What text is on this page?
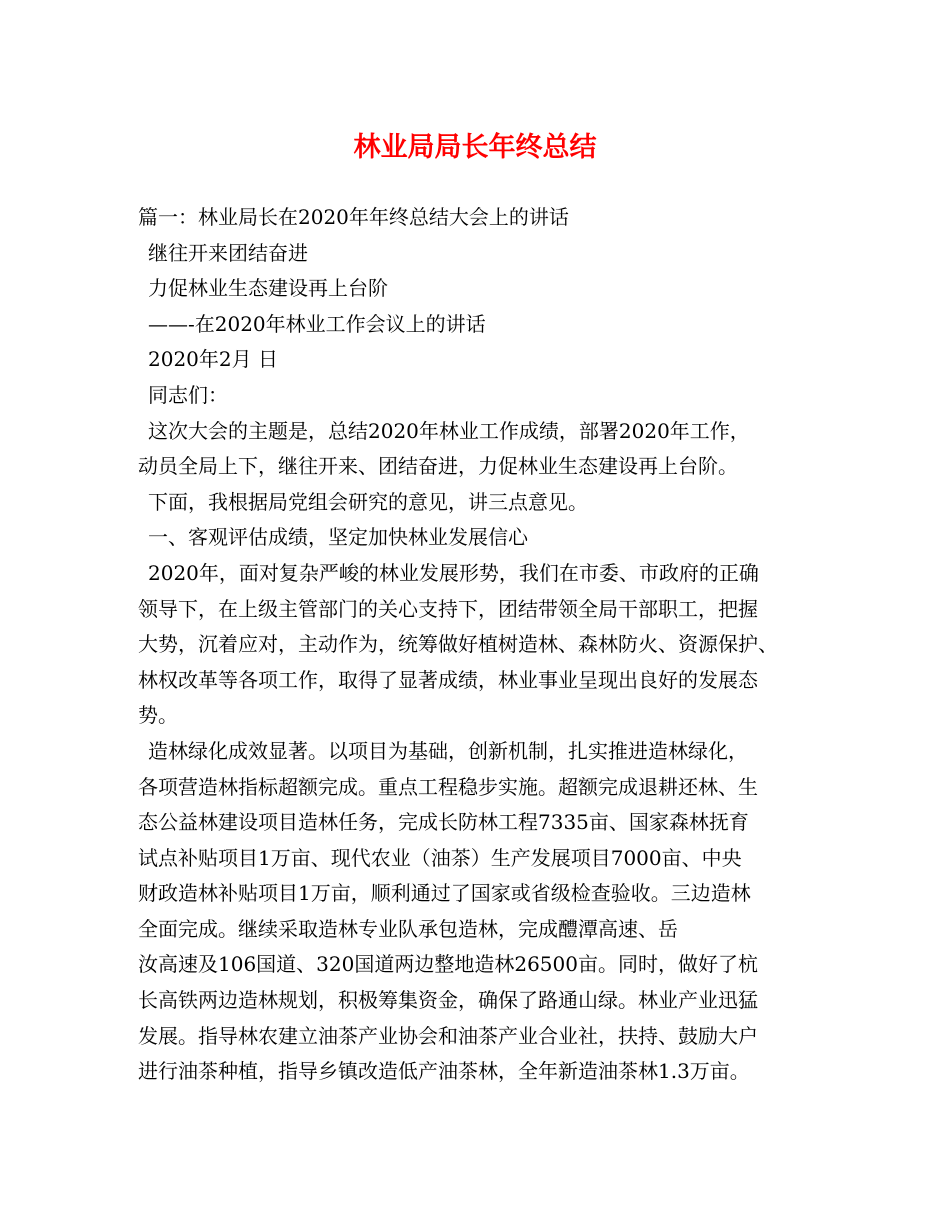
林业局局长年终总结
篇一：林业局长在2020年年终总结大会上的讲话
继往开来团结奋进
力促林业生态建设再上台阶
——-在2020年林业工作会议上的讲话
2020年2月 日
同志们：
这次大会的主题是，总结2020年林业工作成绩，部署2020年工作，
动员全局上下，继往开来、团结奋进，力促林业生态建设再上台阶。
下面，我根据局党组会研究的意见，讲三点意见。
一、客观评估成绩，坚定加快林业发展信心
2020年，面对复杂严峻的林业发展形势，我们在市委、市政府的正确
领导下，在上级主管部门的关心支持下，团结带领全局干部职工，把握
大势，沉着应对，主动作为，统筹做好植树造林、森林防火、资源保护、
林权改革等各项工作，取得了显著成绩，林业事业呈现出良好的发展态
势。
造林绿化成效显著。以项目为基础，创新机制，扎实推进造林绿化，
各项营造林指标超额完成。重点工程稳步实施。超额完成退耕还林、生
态公益林建设项目造林任务，完成长防林工程7335亩、国家森林抚育
试点补贴项目1万亩、现代农业（油茶）生产发展项目7000亩、中央
财政造林补贴项目1万亩，顺利通过了国家或省级检查验收。三边造林
全面完成。继续采取造林专业队承包造林，完成醴潭高速、岳
汝高速及106国道、320国道两边整地造林26500亩。同时，做好了杭
长高铁两边造林规划，积极筹集资金，确保了路通山绿。林业产业迅猛
发展。指导林农建立油茶产业协会和油茶产业合业社，扶持、鼓励大户
进行油茶种植，指导乡镇改造低产油茶林，全年新造油茶林1.3万亩。
